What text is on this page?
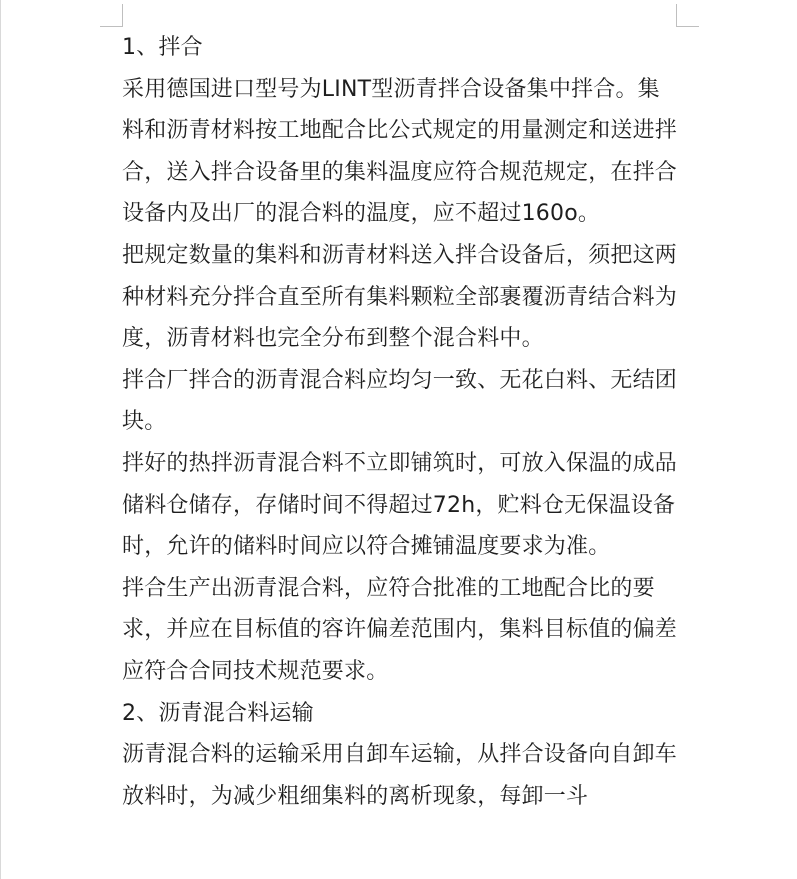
1、拌合

采用德国进口型号为LINT型沥青拌合设备集中拌合。集料和沥青材料按工地配合比公式规定的用量测定和送进拌合，送入拌合设备里的集料温度应符合规范规定，在拌合设备内及出厂的混合料的温度，应不超过160o。

把规定数量的集料和沥青材料送入拌合设备后，须把这两种材料充分拌合直至所有集料颗粒全部裹覆沥青结合料为度，沥青材料也完全分布到整个混合料中。

拌合厂拌合的沥青混合料应均匀一致、无花白料、无结团块。

拌好的热拌沥青混合料不立即铺筑时，可放入保温的成品储料仓储存，存储时间不得超过72h，贮料仓无保温设备时，允许的储料时间应以符合摊铺温度要求为准。

拌合生产出沥青混合料，应符合批准的工地配合比的要求，并应在目标值的容许偏差范围内，集料目标值的偏差应符合合同技术规范要求。

2、沥青混合料运输

沥青混合料的运输采用自卸车运输，从拌合设备向自卸车放料时，为减少粗细集料的离析现象，每卸一斗
